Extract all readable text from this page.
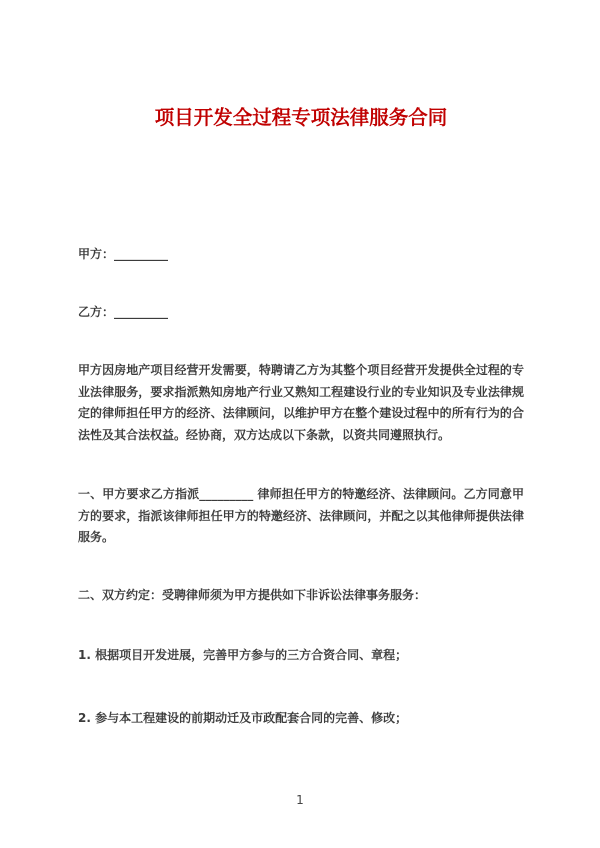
项目开发全过程专项法律服务合同

甲方：_________

乙方：_________

甲方因房地产项目经营开发需要，特聘请乙方为其整个项目经营开发提供全过程的专业法律服务，要求指派熟知房地产行业又熟知工程建设行业的专业知识及专业法律规定的律师担任甲方的经济、法律顾问，以维护甲方在整个建设过程中的所有行为的合法性及其合法权益。经协商，双方达成以下条款，以资共同遵照执行。

一、甲方要求乙方指派_________ 律师担任甲方的特邀经济、法律顾问。乙方同意甲方的要求，指派该律师担任甲方的特邀经济、法律顾问，并配之以其他律师提供法律服务。

二、双方约定：受聘律师须为甲方提供如下非诉讼法律事务服务：

1. 根据项目开发进展，完善甲方参与的三方合资合同、章程；

2. 参与本工程建设的前期动迁及市政配套合同的完善、修改；

1
